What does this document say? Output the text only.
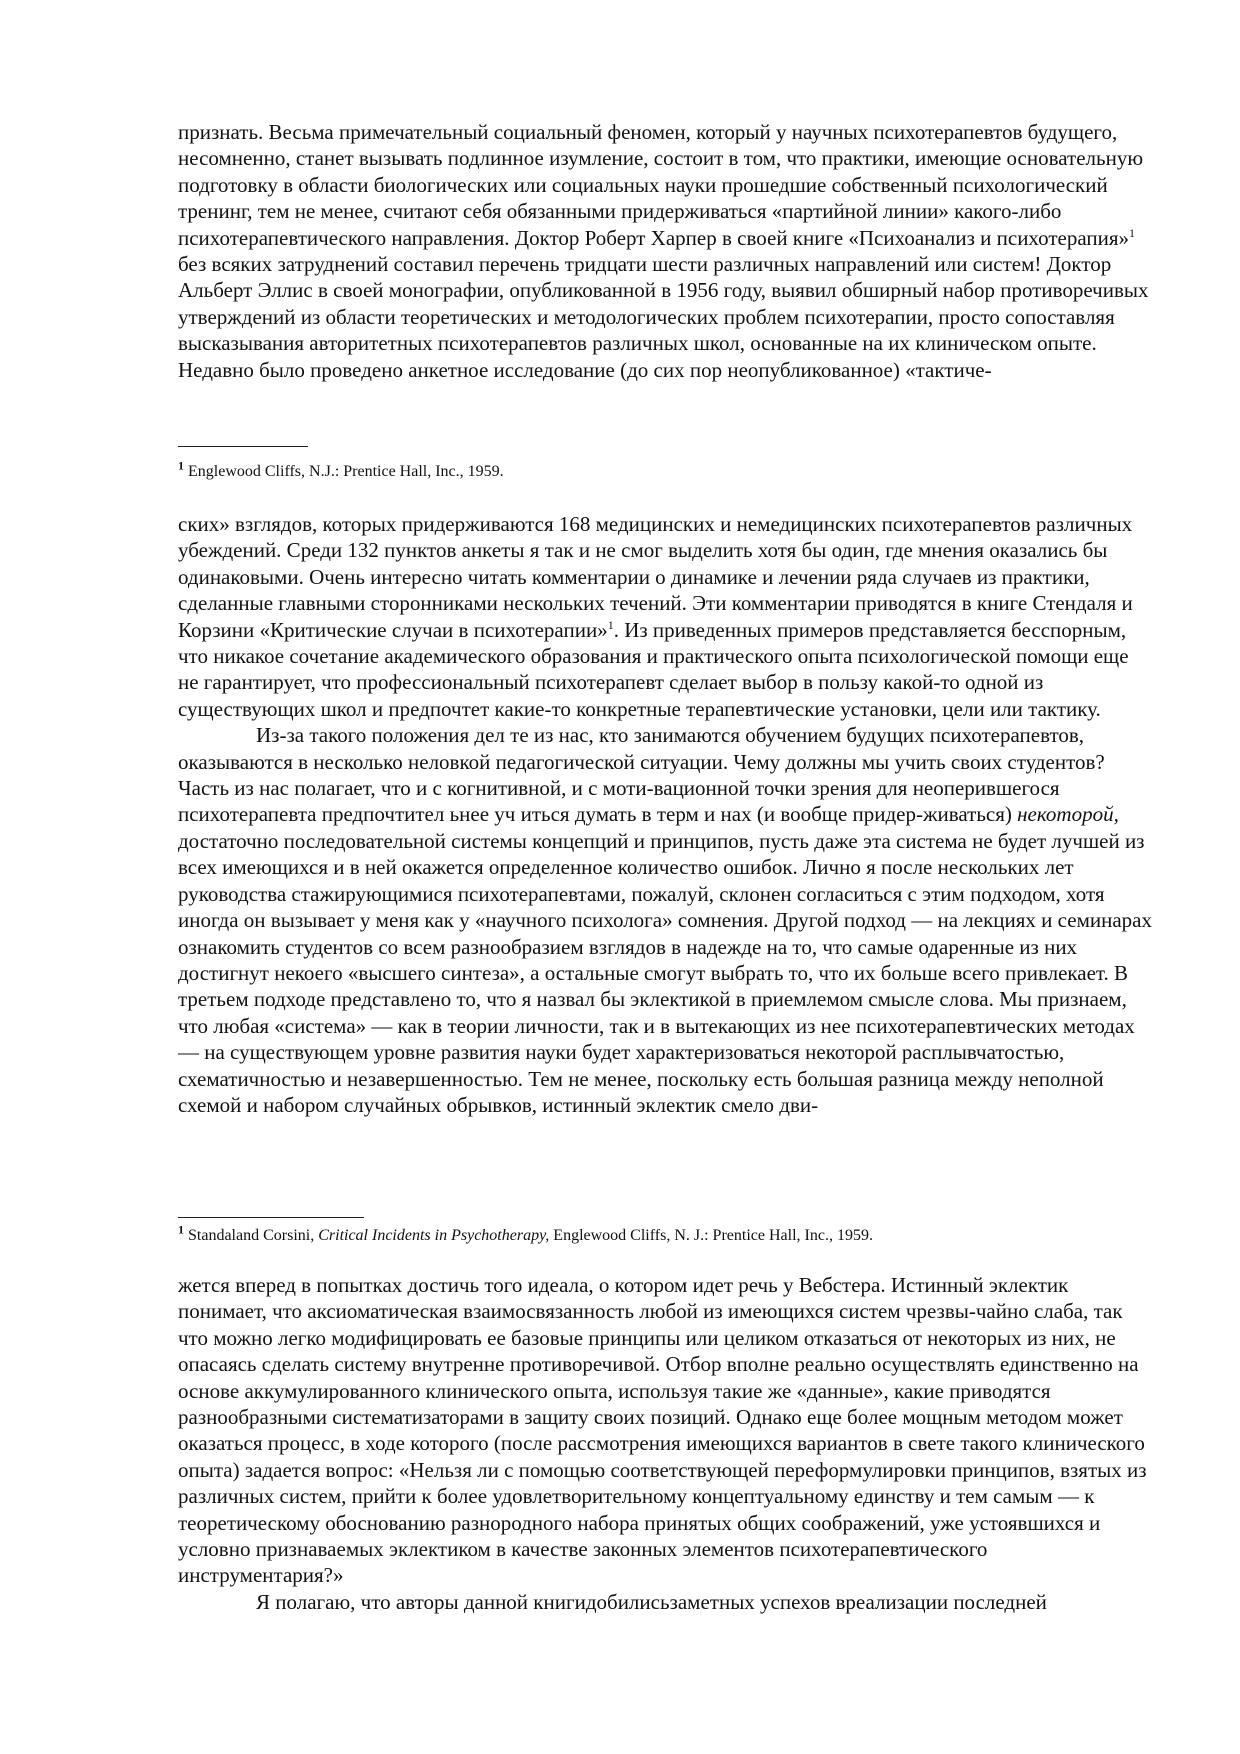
признать. Весьма примечательный социальный феномен, который у научных психотерапевтов будущего, несомненно, станет вызывать подлинное изумление, состоит в том, что практики, имеющие основательную подготовку в области биологических или социальных науки прошедшие собственный психологический тренинг, тем не менее, считают себя обязанными придерживаться «партийной линии» какого-либо психотерапевтического направления. Доктор Роберт Харпер в своей книге «Психоанализ и психотерапия»$^1$ без всяких затруднений составил перечень тридцати шести различных направлений или систем! Доктор Альберт Эллис в своей монографии, опубликованной в 1956 году, выявил обширный набор противоречивых утверждений из области теоретических и методологических проблем психотерапии, просто сопоставляя высказывания авторитетных психотерапевтов различных школ, основанные на их клиническом опыте. Недавно было проведено анкетное исследование (до сих пор неопубликованное) «тактиче-

$^1$ Englewood Cliffs, N.J.: Prentice Hall, Inc., 1959.

ских» взглядов, которых придерживаются 168 медицинских и немедицинских психотерапевтов различных убеждений. Среди 132 пунктов анкеты я так и не смог выделить хотя бы один, где мнения оказались бы одинаковыми. Очень интересно читать комментарии о динамике и лечении ряда случаев из практики, сделанные главными сторонниками нескольких течений. Эти комментарии приводятся в книге Стендаля и Корзини «Критические случаи в психотерапии»$^1$. Из приведенных примеров представляется бесспорным, что никакое сочетание академического образования и практического опыта психологической помощи еще не гарантирует, что профессиональный психотерапевт сделает выбор в пользу какой-то одной из существующих школ и предпочтет какие-то конкретные терапевтические установки, цели или тактику.

Из-за такого положения дел те из нас, кто занимаются обучением будущих психотерапевтов, оказываются в несколько неловкой педагогической ситуации. Чему должны мы учить своих студентов? Часть из нас полагает, что и с когнитивной, и с моти-вационной точки зрения для неоперившегося психотерапевта предпочтител ьнее уч иться думать в терм и нах (и вообще придер-живаться) некоторой, достаточно последовательной системы концепций и принципов, пусть даже эта система не будет лучшей из всех имеющихся и в ней окажется определенное количество ошибок. Лично я после нескольких лет руководства стажирующимися психотерапевтами, пожалуй, склонен согласиться с этим подходом, хотя иногда он вызывает у меня как у «научного психолога» сомнения. Другой подход — на лекциях и семинарах ознакомить студентов со всем разнообразием взглядов в надежде на то, что самые одаренные из них достигнут некоего «высшего синтеза», а остальные смогут выбрать то, что их больше всего привлекает. В третьем подходе представлено то, что я назвал бы эклектикой в приемлемом смысле слова. Мы признаем, что любая «система» — как в теории личности, так и в вытекающих из нее психотерапевтических методах — на существующем уровне развития науки будет характеризоваться некоторой расплывчатостью, схематичностью и незавершенностью. Тем не менее, поскольку есть большая разница между неполной схемой и набором случайных обрывков, истинный эклектик смело дви-

$^1$ Standaland Corsini, Critical Incidents in Psychotherapy, Englewood Cliffs, N. J.: Prentice Hall, Inc., 1959.

жется вперед в попытках достичь того идеала, о котором идет речь у Вебстера. Истинный эклектик понимает, что аксиоматическая взаимосвязанность любой из имеющихся систем чрезвы-чайно слаба, так что можно легко модифицировать ее базовые принципы или целиком отказаться от некоторых из них, не опасаясь сделать систему внутренне противоречивой. Отбор вполне реально осуществлять единственно на основе аккумулированного клинического опыта, используя такие же «данные», какие приводятся разнообразными систематизаторами в защиту своих позиций. Однако еще более мощным методом может оказаться процесс, в ходе которого (после рассмотрения имеющихся вариантов в свете такого клинического опыта) задается вопрос: «Нельзя ли с помощью соответствующей переформулировки принципов, взятых из различных систем, прийти к более удовлетворительному концептуальному единству и тем самым — к теоретическому обоснованию разнородного набора принятых общих соображений, уже устоявшихся и условно признаваемых эклектиком в качестве законных элементов психотерапевтического инструментария?»

Я полагаю, что авторы данной книгидобилисьзаметных успехов вреализации последней
